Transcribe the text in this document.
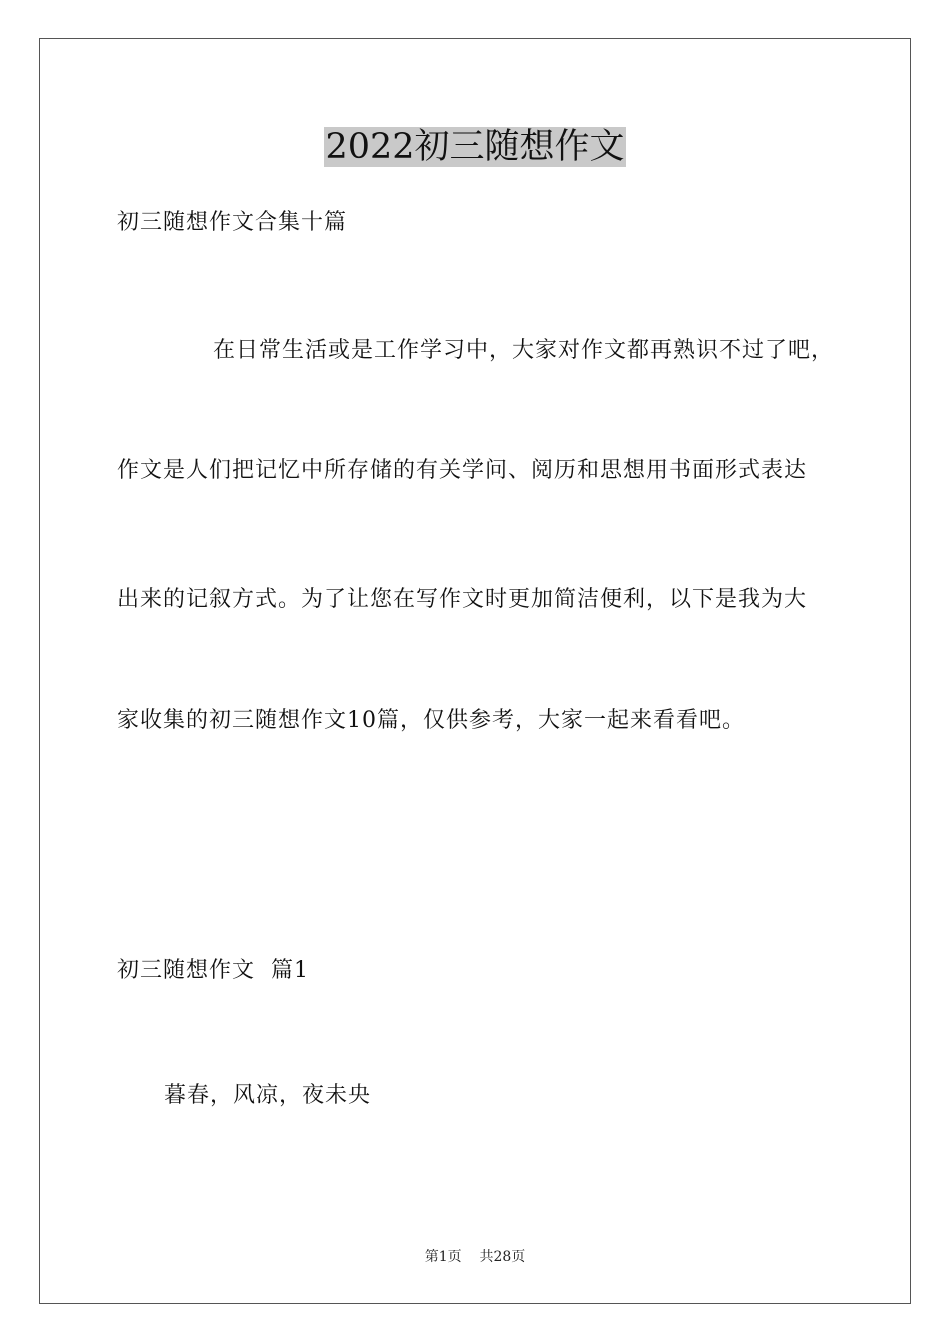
2022初三随想作文

初三随想作文合集十篇

在日常生活或是工作学习中，大家对作文都再熟识不过了吧，

作文是人们把记忆中所存储的有关学问、阅历和思想用书面形式表达

出来的记叙方式。为了让您在写作文时更加简洁便利，以下是我为大

家收集的初三随想作文10篇，仅供参考，大家一起来看看吧。

初三随想作文  篇1

暮春，风凉，夜未央

第1页    共28页
